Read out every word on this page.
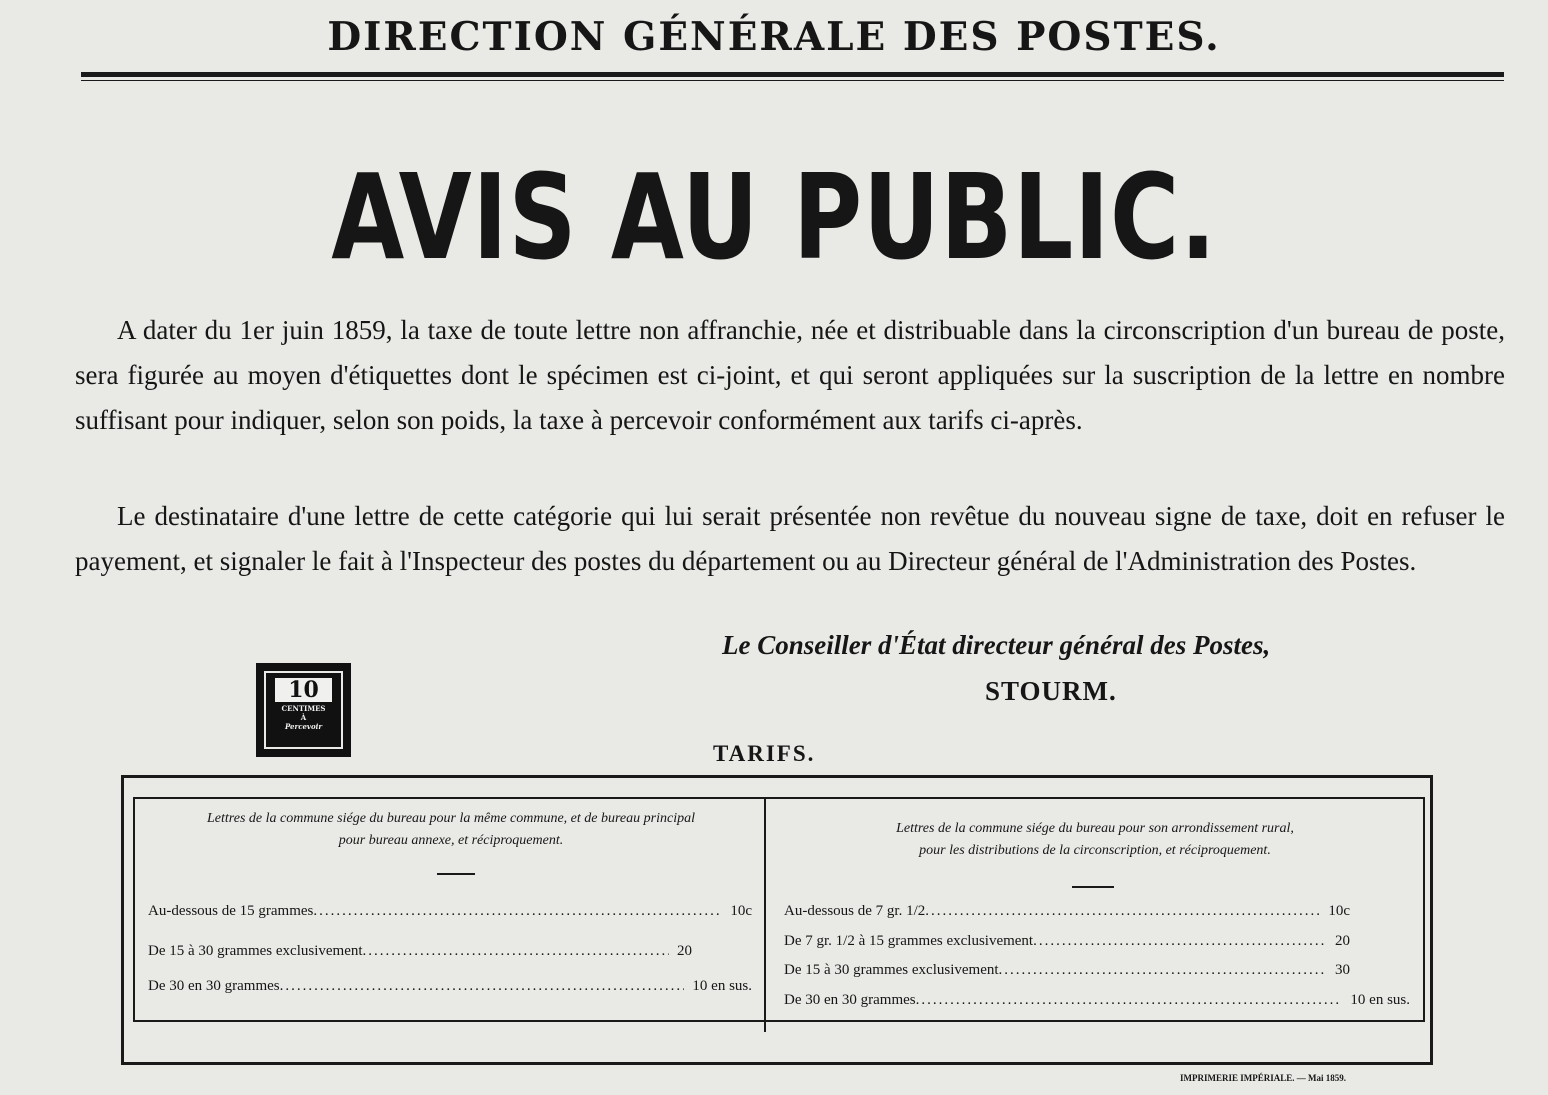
DIRECTION GÉNÉRALE DES POSTES.
AVIS AU PUBLIC.
A dater du 1er juin 1859, la taxe de toute lettre non affranchie, née et distribuable dans la circonscription d'un bureau de poste, sera figurée au moyen d'étiquettes dont le spécimen est ci-joint, et qui seront appliquées sur la suscription de la lettre en nombre suffisant pour indiquer, selon son poids, la taxe à percevoir conformément aux tarifs ci-après.
Le destinataire d'une lettre de cette catégorie qui lui serait présentée non revêtue du nouveau signe de taxe, doit en refuser le payement, et signaler le fait à l'Inspecteur des postes du département ou au Directeur général de l'Administration des Postes.
Le Conseiller d'État directeur général des Postes,
STOURM.
10
CENTIMES
À
Percevoir
TARIFS.
Lettres de la commune siége du bureau pour la même commune, et de bureau principal
pour bureau annexe, et réciproquement.
Au-dessous de 15 grammes .....	10c
De 15 à 30 grammes exclusivement .....	20
De 30 en 30 grammes .....	10 en sus.
Lettres de la commune siége du bureau pour son arrondissement rural,
pour les distributions de la circonscription, et réciproquement.
Au-dessous de 7 gr. 1/2 .....	10c
De 7 gr. 1/2 à 15 grammes exclusivement .....	20
De 15 à 30 grammes exclusivement .....	30
De 30 en 30 grammes .....	10 en sus.
IMPRIMERIE IMPÉRIALE. — Mai 1859.
